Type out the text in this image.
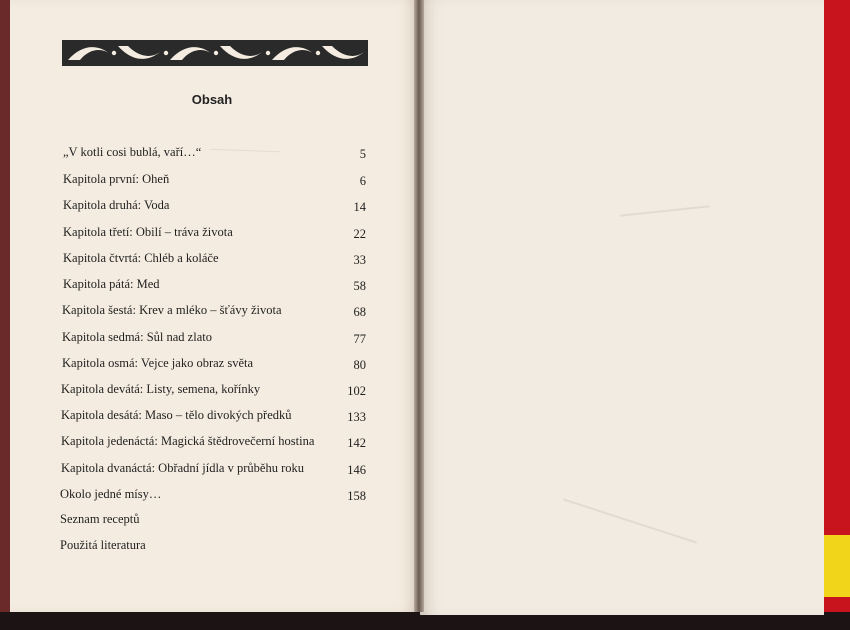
Obsah
„V kotli cosi bublá, vaří…“	5
Kapitola první: Oheň	6
Kapitola druhá: Voda	14
Kapitola třetí: Obilí – tráva života	22
Kapitola čtvrtá: Chléb a koláče	33
Kapitola pátá: Med	58
Kapitola šestá: Krev a mléko – šťávy života	68
Kapitola sedmá: Sůl nad zlato	77
Kapitola osmá: Vejce jako obraz světa	80
Kapitola devátá: Listy, semena, kořínky	102
Kapitola desátá: Maso – tělo divokých předků	133
Kapitola jedenáctá: Magická štědrovečerní hostina	142
Kapitola dvanáctá: Obřadní jídla v průběhu roku	146
Okolo jedné mísy…	158
Seznam receptů
Použitá literatura
